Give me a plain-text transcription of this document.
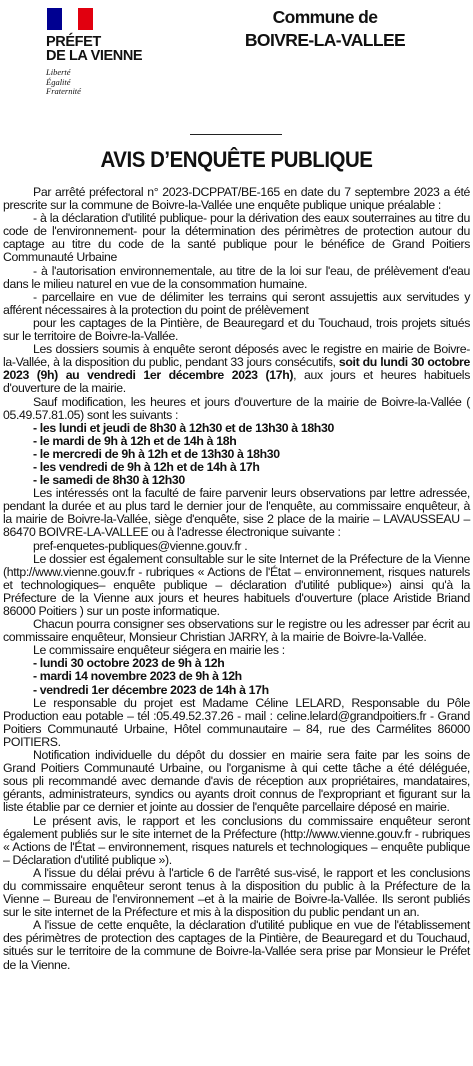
PRÉFET
DE LA VIENNE
Liberté
Égalité
Fraternité
Commune de
BOIVRE-LA-VALLEE
AVIS D’ENQUÊTE PUBLIQUE

Par arrêté préfectoral n° 2023-DCPPAT/BE-165 en date du 7 septembre 2023 a été prescrite sur la commune de Boivre-la-Vallée une enquête publique unique préalable :

- à la déclaration d'utilité publique- pour la dérivation des eaux souterraines au titre du code de l'environnement- pour la détermination des périmètres de protection autour du captage au titre du code de la santé publique pour le bénéfice de Grand Poitiers Communauté Urbaine

- à l'autorisation environnementale, au titre de la loi sur l'eau, de prélèvement d'eau dans le milieu naturel en vue de la consommation humaine.

- parcellaire en vue de délimiter les terrains qui seront assujettis aux servitudes y afférent nécessaires à la protection du point de prélèvement

pour les captages de la Pintière, de Beauregard et du Touchaud, trois projets situés sur le territoire de Boivre-la-Vallée.

Les dossiers soumis à enquête seront déposés avec le registre en mairie de Boivre-la-Vallée, à la disposition du public, pendant 33 jours consécutifs, soit du lundi 30 octobre 2023 (9h) au vendredi 1er décembre 2023 (17h), aux jours et heures habituels d'ouverture de la mairie.

Sauf modification, les heures et jours d'ouverture de la mairie de Boivre-la-Vallée ( 05.49.57.81.05) sont les suivants :

- les lundi et jeudi de 8h30 à 12h30 et de 13h30 à 18h30
- le mardi de 9h à 12h et de 14h à 18h
- le mercredi de 9h à 12h et de 13h30 à 18h30
- les vendredi de 9h à 12h et de 14h à 17h
- le samedi de 8h30 à 12h30

Les intéressés ont la faculté de faire parvenir leurs observations par lettre adressée, pendant la durée et au plus tard le dernier jour de l'enquête, au commissaire enquêteur, à la mairie de Boivre-la-Vallée, siège d'enquête, sise 2 place de la mairie – LAVAUSSEAU – 86470 BOIVRE-LA-VALLEE ou à l'adresse électronique suivante :

pref-enquetes-publiques@vienne.gouv.fr .

Le dossier est également consultable sur le site Internet de la Préfecture de la Vienne (http://www.vienne.gouv.fr - rubriques « Actions de l'État – environnement, risques naturels et technologiques– enquête publique – déclaration d'utilité publique») ainsi qu'à la Préfecture de la Vienne aux jours et heures habituels d'ouverture (place Aristide Briand 86000 Poitiers ) sur un poste informatique.

Chacun pourra consigner ses observations sur le registre ou les adresser par écrit au commissaire enquêteur, Monsieur Christian JARRY, à la mairie de Boivre-la-Vallée.

Le commissaire enquêteur siégera en mairie les :

- lundi 30 octobre 2023 de 9h à 12h
- mardi 14 novembre 2023 de 9h à 12h
- vendredi 1er décembre 2023 de 14h à 17h

Le responsable du projet est Madame Céline LELARD, Responsable du Pôle Production eau potable – tél :05.49.52.37.26 - mail : celine.lelard@grandpoitiers.fr - Grand Poitiers Communauté Urbaine, Hôtel communautaire – 84, rue des Carmélites 86000 POITIERS.

Notification individuelle du dépôt du dossier en mairie sera faite par les soins de Grand Poitiers Communauté Urbaine, ou l'organisme à qui cette tâche a été déléguée, sous pli recommandé avec demande d'avis de réception aux propriétaires, mandataires, gérants, administrateurs, syndics ou ayants droit connus de l'expropriant et figurant sur la liste établie par ce dernier et jointe au dossier de l'enquête parcellaire déposé en mairie.

Le présent avis, le rapport et les conclusions du commissaire enquêteur seront également publiés sur le site internet de la Préfecture (http://www.vienne.gouv.fr - rubriques « Actions de l'État – environnement, risques naturels et technologiques – enquête publique – Déclaration d'utilité publique »).

A l'issue du délai prévu à l'article 6 de l'arrêté sus-visé, le rapport et les conclusions du commissaire enquêteur seront tenus à la disposition du public à la Préfecture de la Vienne – Bureau de l'environnement –et à la mairie de Boivre-la-Vallée. Ils seront publiés sur le site internet de la Préfecture et mis à la disposition du public pendant un an.

A l'issue de cette enquête, la déclaration d'utilité publique en vue de l'établissement des périmètres de protection des captages de la Pintière, de Beauregard et du Touchaud, situés sur le territoire de la commune de Boivre-la-Vallée sera prise par Monsieur le Préfet de la Vienne.
